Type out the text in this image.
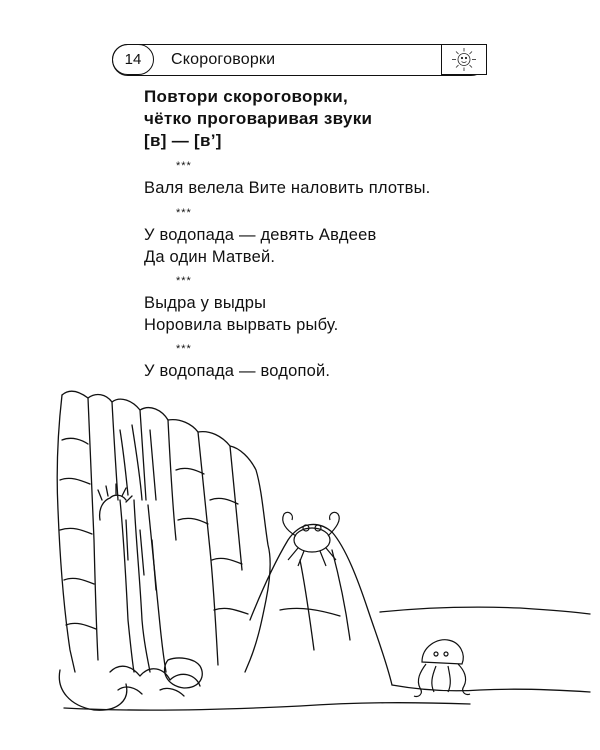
14	Скороговорки
Повтори скороговорки,
чётко проговаривая звуки
[в] — [в’]
***
Валя велела Вите наловить плотвы.
***
У водопада — девять Авдеев
Да один Матвей.
***
Выдра у выдры
Норовила вырвать рыбу.
***
У водопада — водопой.
